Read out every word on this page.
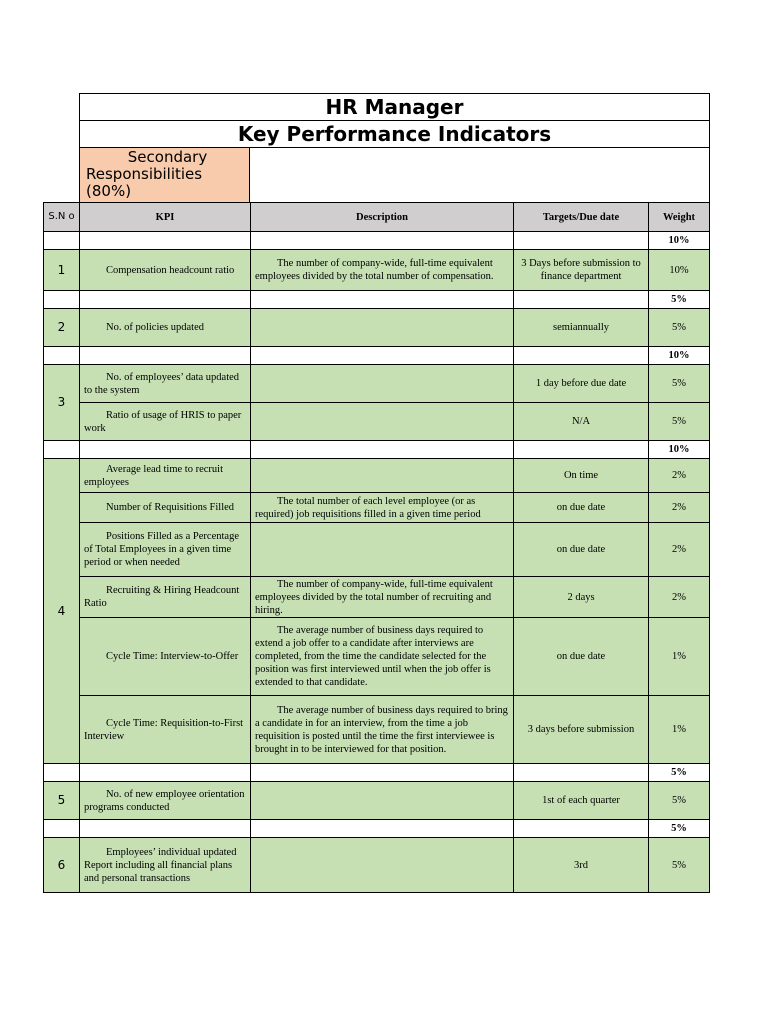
HR Manager
Key Performance Indicators
Secondary
Responsibilities
(80%)
S.N o	KPI	Description	Targets/Due date	Weight
				10%
1	Compensation headcount ratio	The number of company-wide, full-time equivalent employees divided by the total number of compensation.	3 Days before submission to finance department	10%
				5%
2	No. of policies updated		semiannually	5%
				10%
3	No. of employees’ data updated to the system		1 day before due date	5%
	Ratio of usage of HRIS to paper work		N/A	5%
				10%
4	Average lead time to recruit employees		On time	2%
	Number of Requisitions Filled	The total number of each level employee (or as required) job requisitions filled in a given time period	on due date	2%
	Positions Filled as a Percentage of Total Employees in a given time period or when needed		on due date	2%
	Recruiting & Hiring Headcount Ratio	The number of company-wide, full-time equivalent employees divided by the total number of recruiting and hiring.	2 days	2%
	Cycle Time: Interview-to-Offer	The average number of business days required to extend a job offer to a candidate after interviews are completed, from the time the candidate selected for the position was first interviewed until when the job offer is extended to that candidate.	on due date	1%
	Cycle Time: Requisition-to-First Interview	The average number of business days required to bring a candidate in for an interview, from the time a job requisition is posted until the time the first interviewee is brought in to be interviewed for that position.	3 days before submission	1%
				5%
5	No. of new employee orientation programs conducted		1st of each quarter	5%
				5%
6	Employees’ individual updated Report including all financial plans and personal transactions		3rd	5%
